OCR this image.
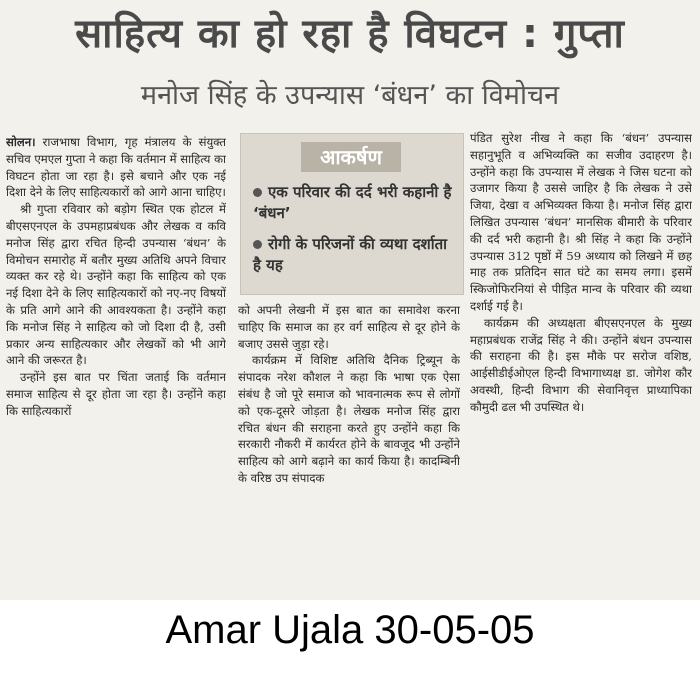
साहित्य का हो रहा है विघटन : गुप्ता
मनोज सिंह के उपन्यास ‘बंधन’ का विमोचन

सोलन। राजभाषा विभाग, गृह मंत्रालय के संयुक्त सचिव एमएल गुप्ता ने कहा कि वर्तमान में साहित्य का विघटन होता जा रहा है। इसे बचाने और एक नई दिशा देने के लिए साहित्यकारों को आगे आना चाहिए।

श्री गुप्ता रविवार को बड़ोग स्थित एक होटल में बीएसएनएल के उपमहाप्रबंधक और लेखक व कवि मनोज सिंह द्वारा रचित हिन्दी उपन्यास ‘बंधन’ के विमोचन समारोह में बतौर मुख्य अतिथि अपने विचार व्यक्त कर रहे थे। उन्होंने कहा कि साहित्य को एक नई दिशा देने के लिए साहित्यकारों को नए-नए विषयों के प्रति आगे आने की आवश्यकता है। उन्होंने कहा कि मनोज सिंह ने साहित्य को जो दिशा दी है, उसी प्रकार अन्य साहित्यकार और लेखकों को भी आगे आने की जरूरत है।

उन्होंने इस बात पर चिंता जताई कि वर्तमान समाज साहित्य से दूर होता जा रहा है। उन्होंने कहा कि साहित्यकारों

आकर्षण
एक परिवार की दर्द भरी कहानी है ‘बंधन’
रोगी के परिजनों की व्यथा दर्शाता है यह

को अपनी लेखनी में इस बात का समावेश करना चाहिए कि समाज का हर वर्ग साहित्य से दूर होने के बजाए उससे जुड़ा रहे।

कार्यक्रम में विशिष्ट अतिथि दैनिक ट्रिब्यून के संपादक नरेश कौशल ने कहा कि भाषा एक ऐसा संबंध है जो पूरे समाज को भावनात्मक रूप से लोगों को एक-दूसरे जोड़ता है। लेखक मनोज सिंह द्वारा रचित बंधन की सराहना करते हुए उन्होंने कहा कि सरकारी नौकरी में कार्यरत होने के बावजूद भी उन्होंने साहित्य को आगे बढ़ाने का कार्य किया है। कादम्बिनी के वरिष्ठ उप संपादक

पंडित सुरेश नीख ने कहा कि ‘बंधन’ उपन्यास सहानुभूति व अभिव्यक्ति का सजीव उदाहरण है। उन्होंने कहा कि उपन्यास में लेखक ने जिस घटना को उजागर किया है उससे जाहिर है कि लेखक ने उसे जिया, देखा व अभिव्यक्त किया है। मनोज सिंह द्वारा लिखित उपन्यास ‘बंधन’ मानसिक बीमारी के परिवार की दर्द भरी कहानी है। श्री सिंह ने कहा कि उन्होंने उपन्यास 312 पृष्ठों में 59 अध्याय को लिखने में छह माह तक प्रतिदिन सात घंटे का समय लगा। इसमें स्किजोफिरनियां से पीड़ित मान्व के परिवार की व्यथा दर्शाई गई है।

कार्यक्रम की अध्यक्षता बीएसएनएल के मुख्य महाप्रबंधक राजेंद्र सिंह ने की। उन्होंने बंधन उपन्यास की सराहना की है। इस मौके पर सरोज वशिष्ठ, आईसीडीईओएल हिन्दी विभागाध्यक्ष डा. जोगेश कौर अवस्थी, हिन्दी विभाग की सेवानिवृत्त प्राध्यापिका कौमुदी ढल भी उपस्थित थे।

Amar Ujala 30-05-05
